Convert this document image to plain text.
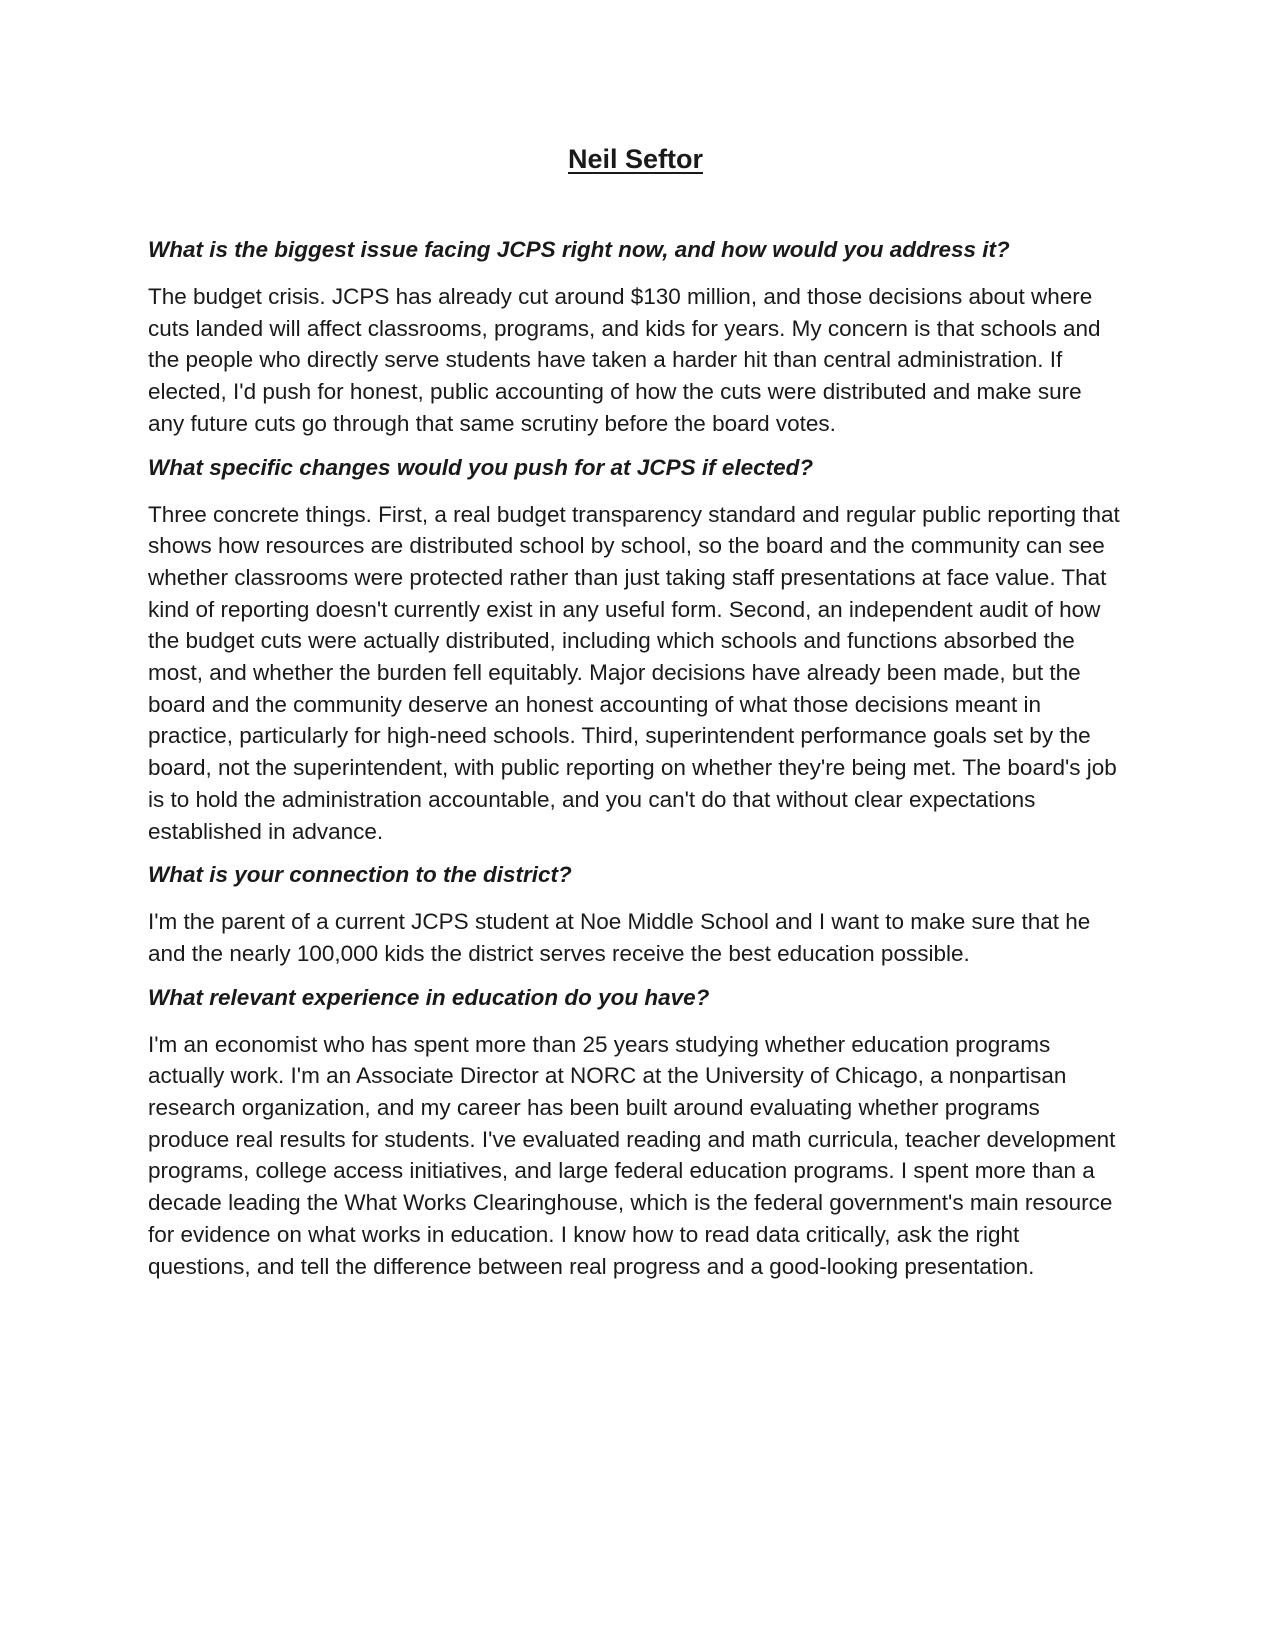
Neil Seftor

What is the biggest issue facing JCPS right now, and how would you address it?

The budget crisis. JCPS has already cut around $130 million, and those decisions about where cuts landed will affect classrooms, programs, and kids for years. My concern is that schools and the people who directly serve students have taken a harder hit than central administration. If elected, I'd push for honest, public accounting of how the cuts were distributed and make sure any future cuts go through that same scrutiny before the board votes.

What specific changes would you push for at JCPS if elected?

Three concrete things. First, a real budget transparency standard and regular public reporting that shows how resources are distributed school by school, so the board and the community can see whether classrooms were protected rather than just taking staff presentations at face value. That kind of reporting doesn't currently exist in any useful form. Second, an independent audit of how the budget cuts were actually distributed, including which schools and functions absorbed the most, and whether the burden fell equitably. Major decisions have already been made, but the board and the community deserve an honest accounting of what those decisions meant in practice, particularly for high-need schools. Third, superintendent performance goals set by the board, not the superintendent, with public reporting on whether they're being met. The board's job is to hold the administration accountable, and you can't do that without clear expectations established in advance.

What is your connection to the district?

I'm the parent of a current JCPS student at Noe Middle School and I want to make sure that he and the nearly 100,000 kids the district serves receive the best education possible.

What relevant experience in education do you have?

I'm an economist who has spent more than 25 years studying whether education programs actually work. I'm an Associate Director at NORC at the University of Chicago, a nonpartisan research organization, and my career has been built around evaluating whether programs produce real results for students. I've evaluated reading and math curricula, teacher development programs, college access initiatives, and large federal education programs. I spent more than a decade leading the What Works Clearinghouse, which is the federal government's main resource for evidence on what works in education. I know how to read data critically, ask the right questions, and tell the difference between real progress and a good-looking presentation.
